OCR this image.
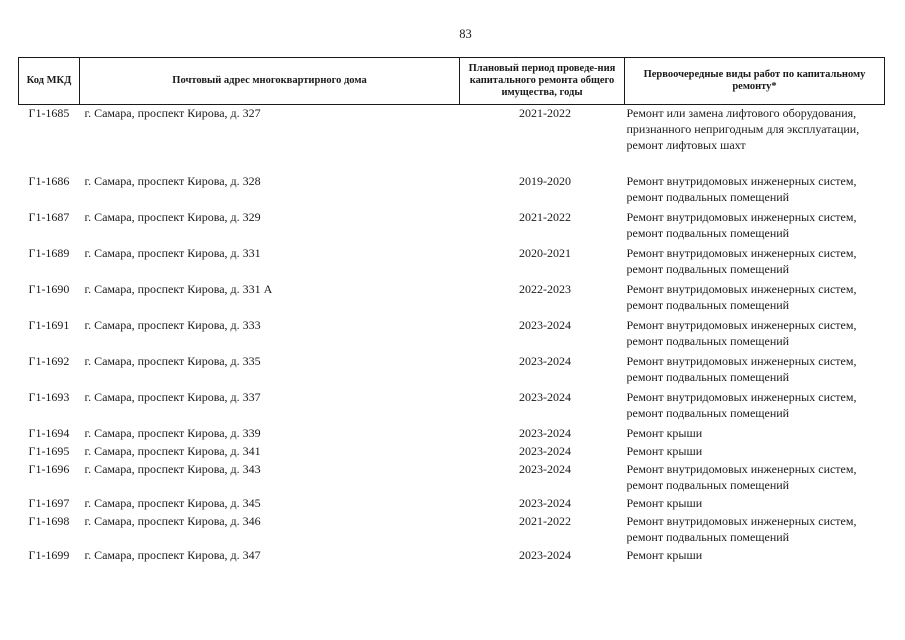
83
Код МКД	Почтовый адрес многоквартирного дома	Плановый период проведе-ния капитального ремонта общего имущества, годы	Первоочередные виды работ по капитальному ремонту*
Г1-1685	г. Самара, проспект Кирова, д. 327	2021-2022	Ремонт или замена лифтового оборудования,
признанного непригодным для эксплуатации,
ремонт лифтовых шахт

Г1-1686	г. Самара, проспект Кирова, д. 328	2019-2020	Ремонт внутридомовых инженерных систем,
ремонт подвальных помещений

Г1-1687	г. Самара, проспект Кирова, д. 329	2021-2022	Ремонт внутридомовых инженерных систем,
ремонт подвальных помещений

Г1-1689	г. Самара, проспект Кирова, д. 331	2020-2021	Ремонт внутридомовых инженерных систем,
ремонт подвальных помещений

Г1-1690	г. Самара, проспект Кирова, д. 331 А	2022-2023	Ремонт внутридомовых инженерных систем,
ремонт подвальных помещений

Г1-1691	г. Самара, проспект Кирова, д. 333	2023-2024	Ремонт внутридомовых инженерных систем,
ремонт подвальных помещений

Г1-1692	г. Самара, проспект Кирова, д. 335	2023-2024	Ремонт внутридомовых инженерных систем,
ремонт подвальных помещений

Г1-1693	г. Самара, проспект Кирова, д. 337	2023-2024	Ремонт внутридомовых инженерных систем,
ремонт подвальных помещений

Г1-1694	г. Самара, проспект Кирова, д. 339	2023-2024	Ремонт крыши

Г1-1695	г. Самара, проспект Кирова, д. 341	2023-2024	Ремонт крыши

Г1-1696	г. Самара, проспект Кирова, д. 343	2023-2024	Ремонт внутридомовых инженерных систем,
ремонт подвальных помещений

Г1-1697	г. Самара, проспект Кирова, д. 345	2023-2024	Ремонт крыши

Г1-1698	г. Самара, проспект Кирова, д. 346	2021-2022	Ремонт внутридомовых инженерных систем,
ремонт подвальных помещений

Г1-1699	г. Самара, проспект Кирова, д. 347	2023-2024	Ремонт крыши
